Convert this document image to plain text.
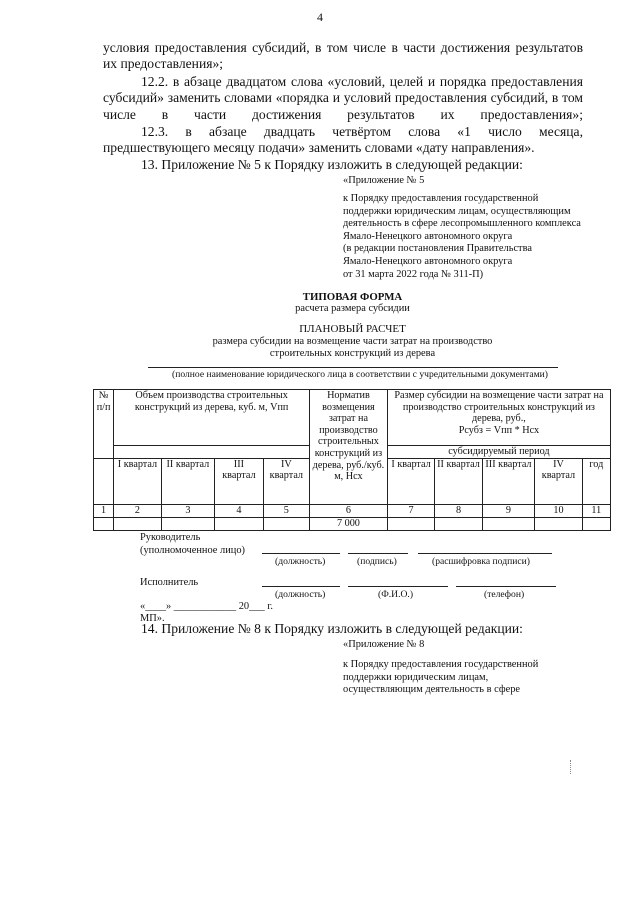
4
условия предоставления субсидий, в том числе в части достижения результатов
их предоставления»;
12.2. в абзаце двадцатом слова «условий, целей и порядка предоставления субсидий» заменить словами «порядка и условий предоставления субсидий, в том числе в части достижения результатов их предоставления»;
12.3. в абзаце двадцать четвёртом слова «1 число месяца,
предшествующего месяцу подачи» заменить словами «дату направления».
13. Приложение № 5 к Порядку изложить в следующей редакции:
«Приложение № 5
к Порядку предоставления государственной
поддержки юридическим лицам, осуществляющим
деятельность в сфере лесопромышленного комплекса
Ямало-Ненецкого автономного округа
(в редакции постановления Правительства
Ямало-Ненецкого автономного округа
от 31 марта 2022 года № 311-П)
ТИПОВАЯ ФОРМА
расчета размера субсидии
ПЛАНОВЫЙ РАСЧЕТ
размера субсидии на возмещение части затрат на производство
строительных конструкций из дерева
(полное наименование юридического лица в соответствии с учредительными документами)
№ п/п	Объем производства строительных конструкций из дерева, куб. м, Vпп				Норматив возмещения затрат на производство строительных конструкций из дерева, руб./куб. м, Нсх	Размер субсидии на возмещение части затрат на производство строительных конструкций из дерева, руб.,
Рсубз = Vпп * Нсх				

						субсидируемый период				
	I квартал	II квартал	III квартал	IV квартал		I квартал	II квартал	III квартал	IV квартал	год
1	2	3	4	5	6	7	8	9	10	11
					7 000					
Руководитель
(уполномоченное лицо)
(должность)	(подпись)	(расшифровка подписи)
Исполнитель
(должность)	(Ф.И.О.)	(телефон)
«____» ____________ 20___ г.
МП».
14. Приложение № 8 к Порядку изложить в следующей редакции:
«Приложение № 8
к Порядку предоставления государственной
поддержки юридическим лицам,
осуществляющим деятельность в сфере
